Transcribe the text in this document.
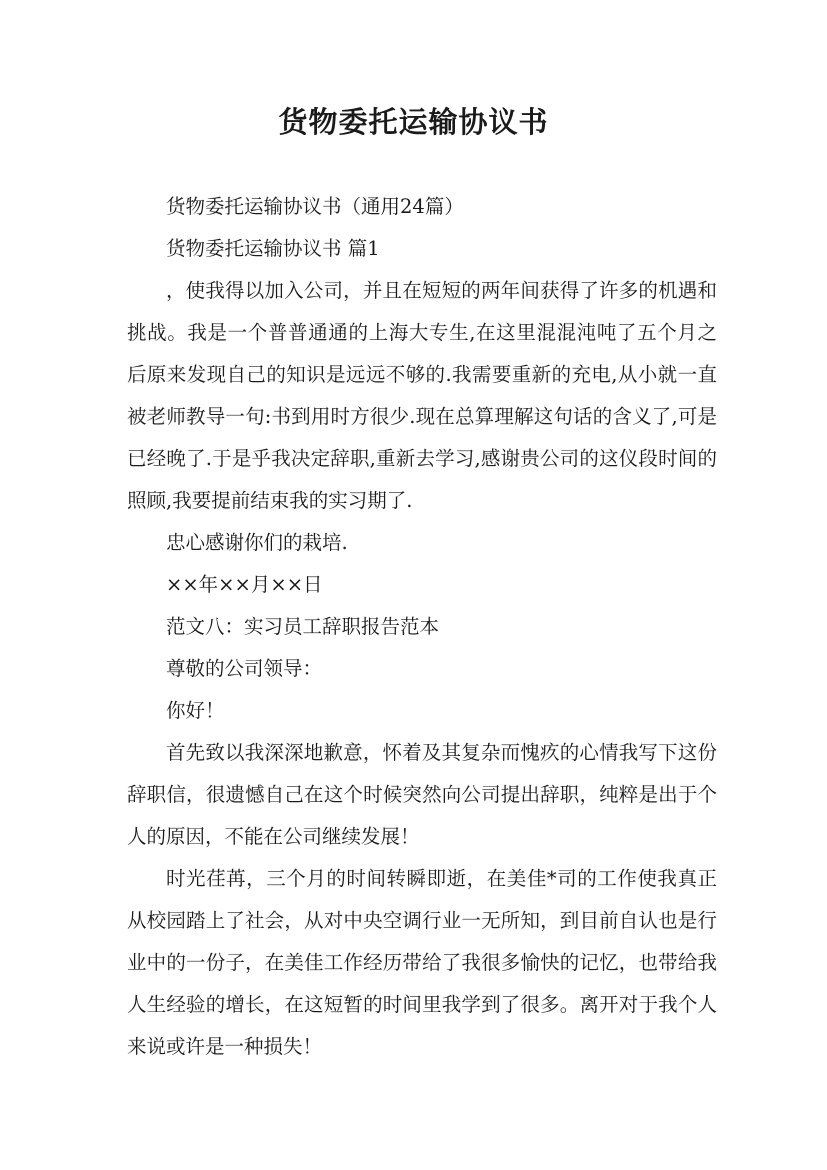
货物委托运输协议书

货物委托运输协议书（通用24篇）

货物委托运输协议书 篇1

，使我得以加入公司，并且在短短的两年间获得了许多的机遇和挑战。我是一个普普通通的上海大专生,在这里混混沌吨了五个月之后原来发现自己的知识是远远不够的.我需要重新的充电,从小就一直被老师教导一句:书到用时方很少.现在总算理解这句话的含义了,可是已经晚了.于是乎我决定辞职,重新去学习,感谢贵公司的这仪段时间的照顾,我要提前结束我的实习期了.

忠心感谢你们的栽培.

××年××月××日

范文八：实习员工辞职报告范本

尊敬的公司领导：

你好！

首先致以我深深地歉意，怀着及其复杂而愧疚的心情我写下这份辞职信，很遗憾自己在这个时候突然向公司提出辞职，纯粹是出于个人的原因，不能在公司继续发展！

时光荏苒，三个月的时间转瞬即逝，在美佳*司的工作使我真正从校园踏上了社会，从对中央空调行业一无所知，到目前自认也是行业中的一份子，在美佳工作经历带给了我很多愉快的记忆，也带给我人生经验的增长，在这短暂的时间里我学到了很多。离开对于我个人来说或许是一种损失！
